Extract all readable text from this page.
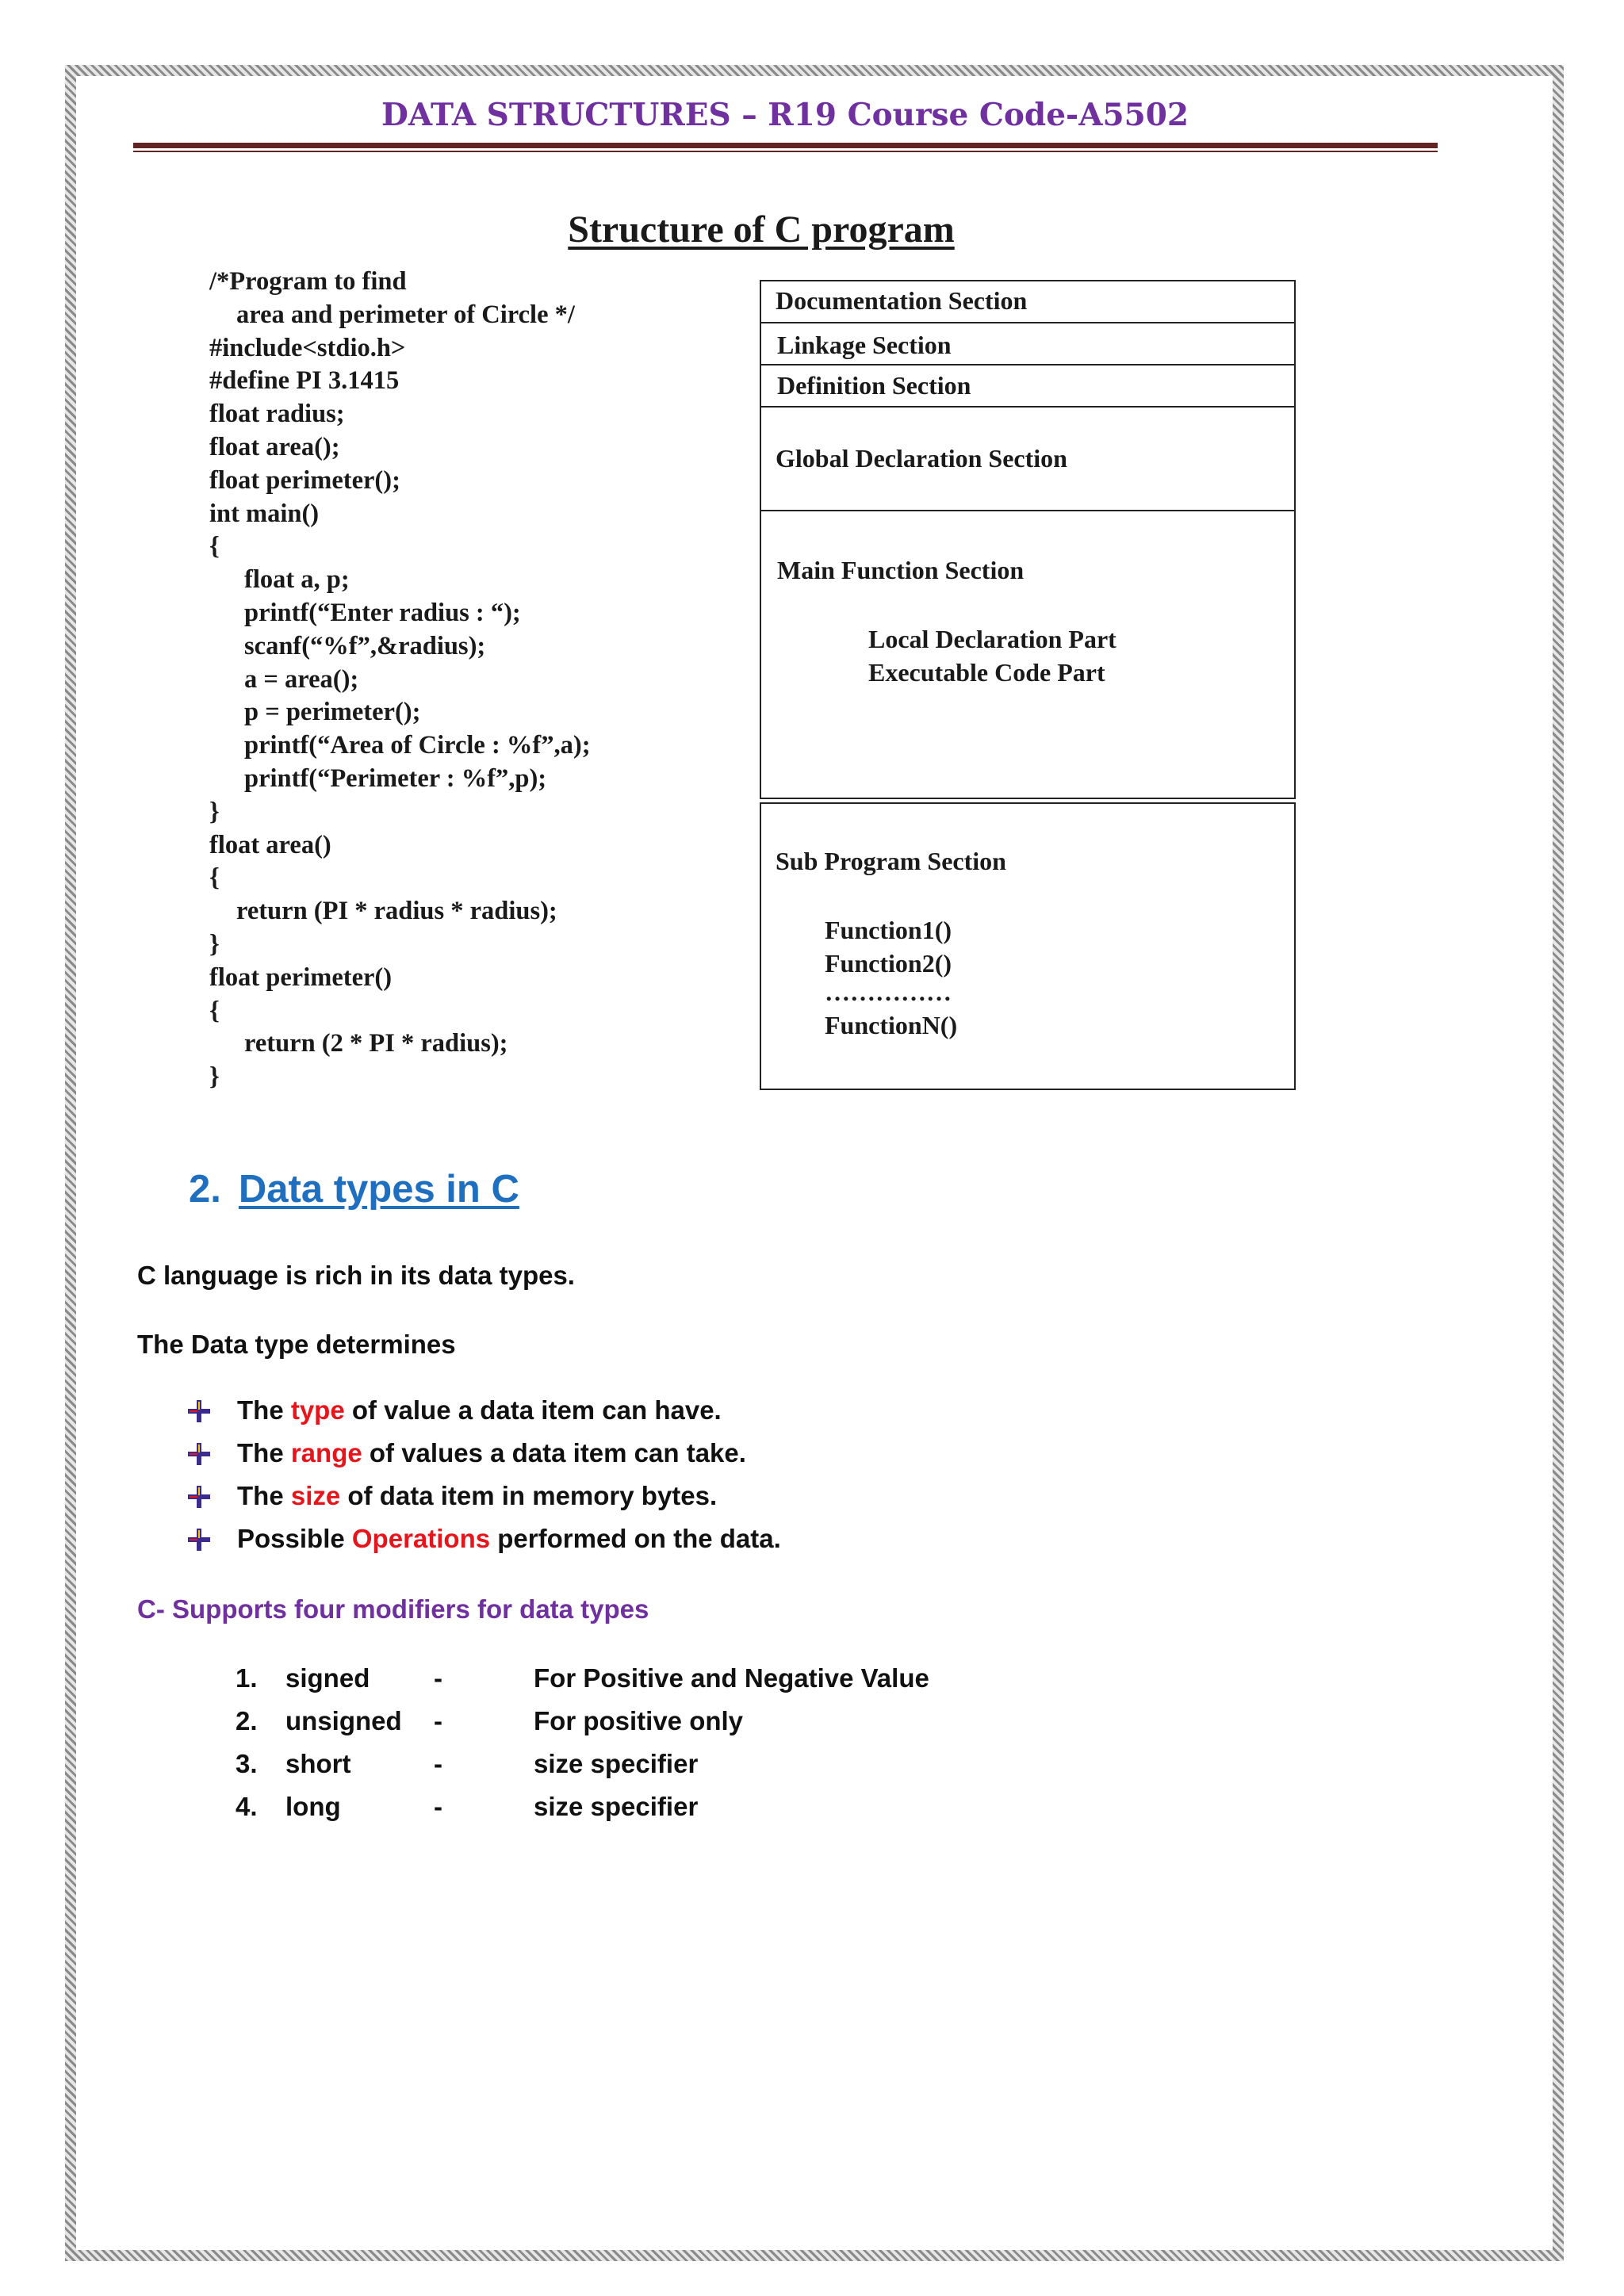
DATA STRUCTURES – R19 Course Code-A5502
Structure of C program
/*Program to find
area and perimeter of Circle */
#include<stdio.h>
#define PI 3.1415
float radius;
float area();
float perimeter();
int main()
{
float a, p;
printf(“Enter radius : “);
scanf(“%f”,&radius);
a = area();
p = perimeter();
printf(“Area of Circle : %f”,a);
printf(“Perimeter : %f”,p);
}
float area()
{
return (PI * radius * radius);
}
float perimeter()
{
return (2 * PI * radius);
}
Documentation Section
Linkage Section
Definition Section
Global Declaration Section
Main Function Section
Local Declaration Part
Executable Code Part
Sub Program Section
Function1()
Function2()
……………
FunctionN()
2. Data types in C
C language is rich in its data types.
The Data type determines
The type of value a data item can have.
The range of values a data item can take.
The size of data item in memory bytes.
Possible Operations performed on the data.
C- Supports four modifiers for data types
1. signed -	For Positive and Negative Value
2. unsigned -	For positive only
3. short	-	size specifier
4. long	-	size specifier
